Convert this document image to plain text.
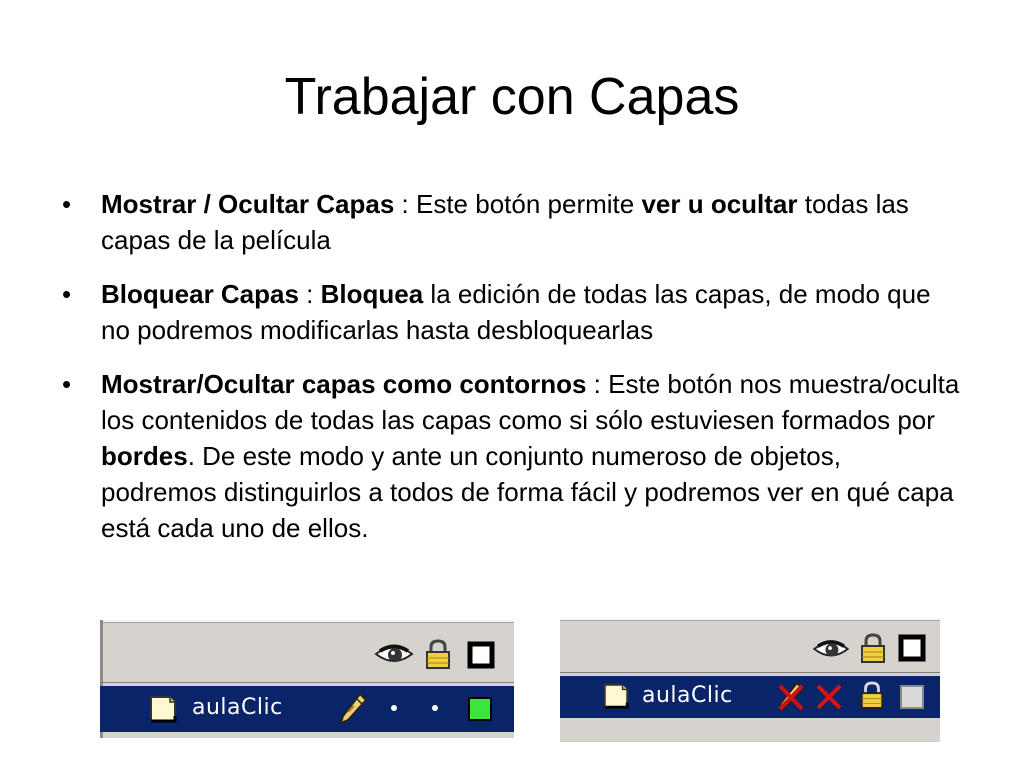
Trabajar con Capas
• Mostrar / Ocultar Capas : Este botón permite ver u ocultar todas las capas de la película
• Bloquear Capas : Bloquea la edición de todas las capas, de modo que no podremos modificarlas hasta desbloquearlas
• Mostrar/Ocultar capas como contornos : Este botón nos muestra/oculta los contenidos de todas las capas como si sólo estuviesen formados por bordes. De este modo y ante un conjunto numeroso de objetos, podremos distinguirlos a todos de forma fácil y podremos ver en qué capa está cada uno de ellos.
aulaClic	aulaClic
